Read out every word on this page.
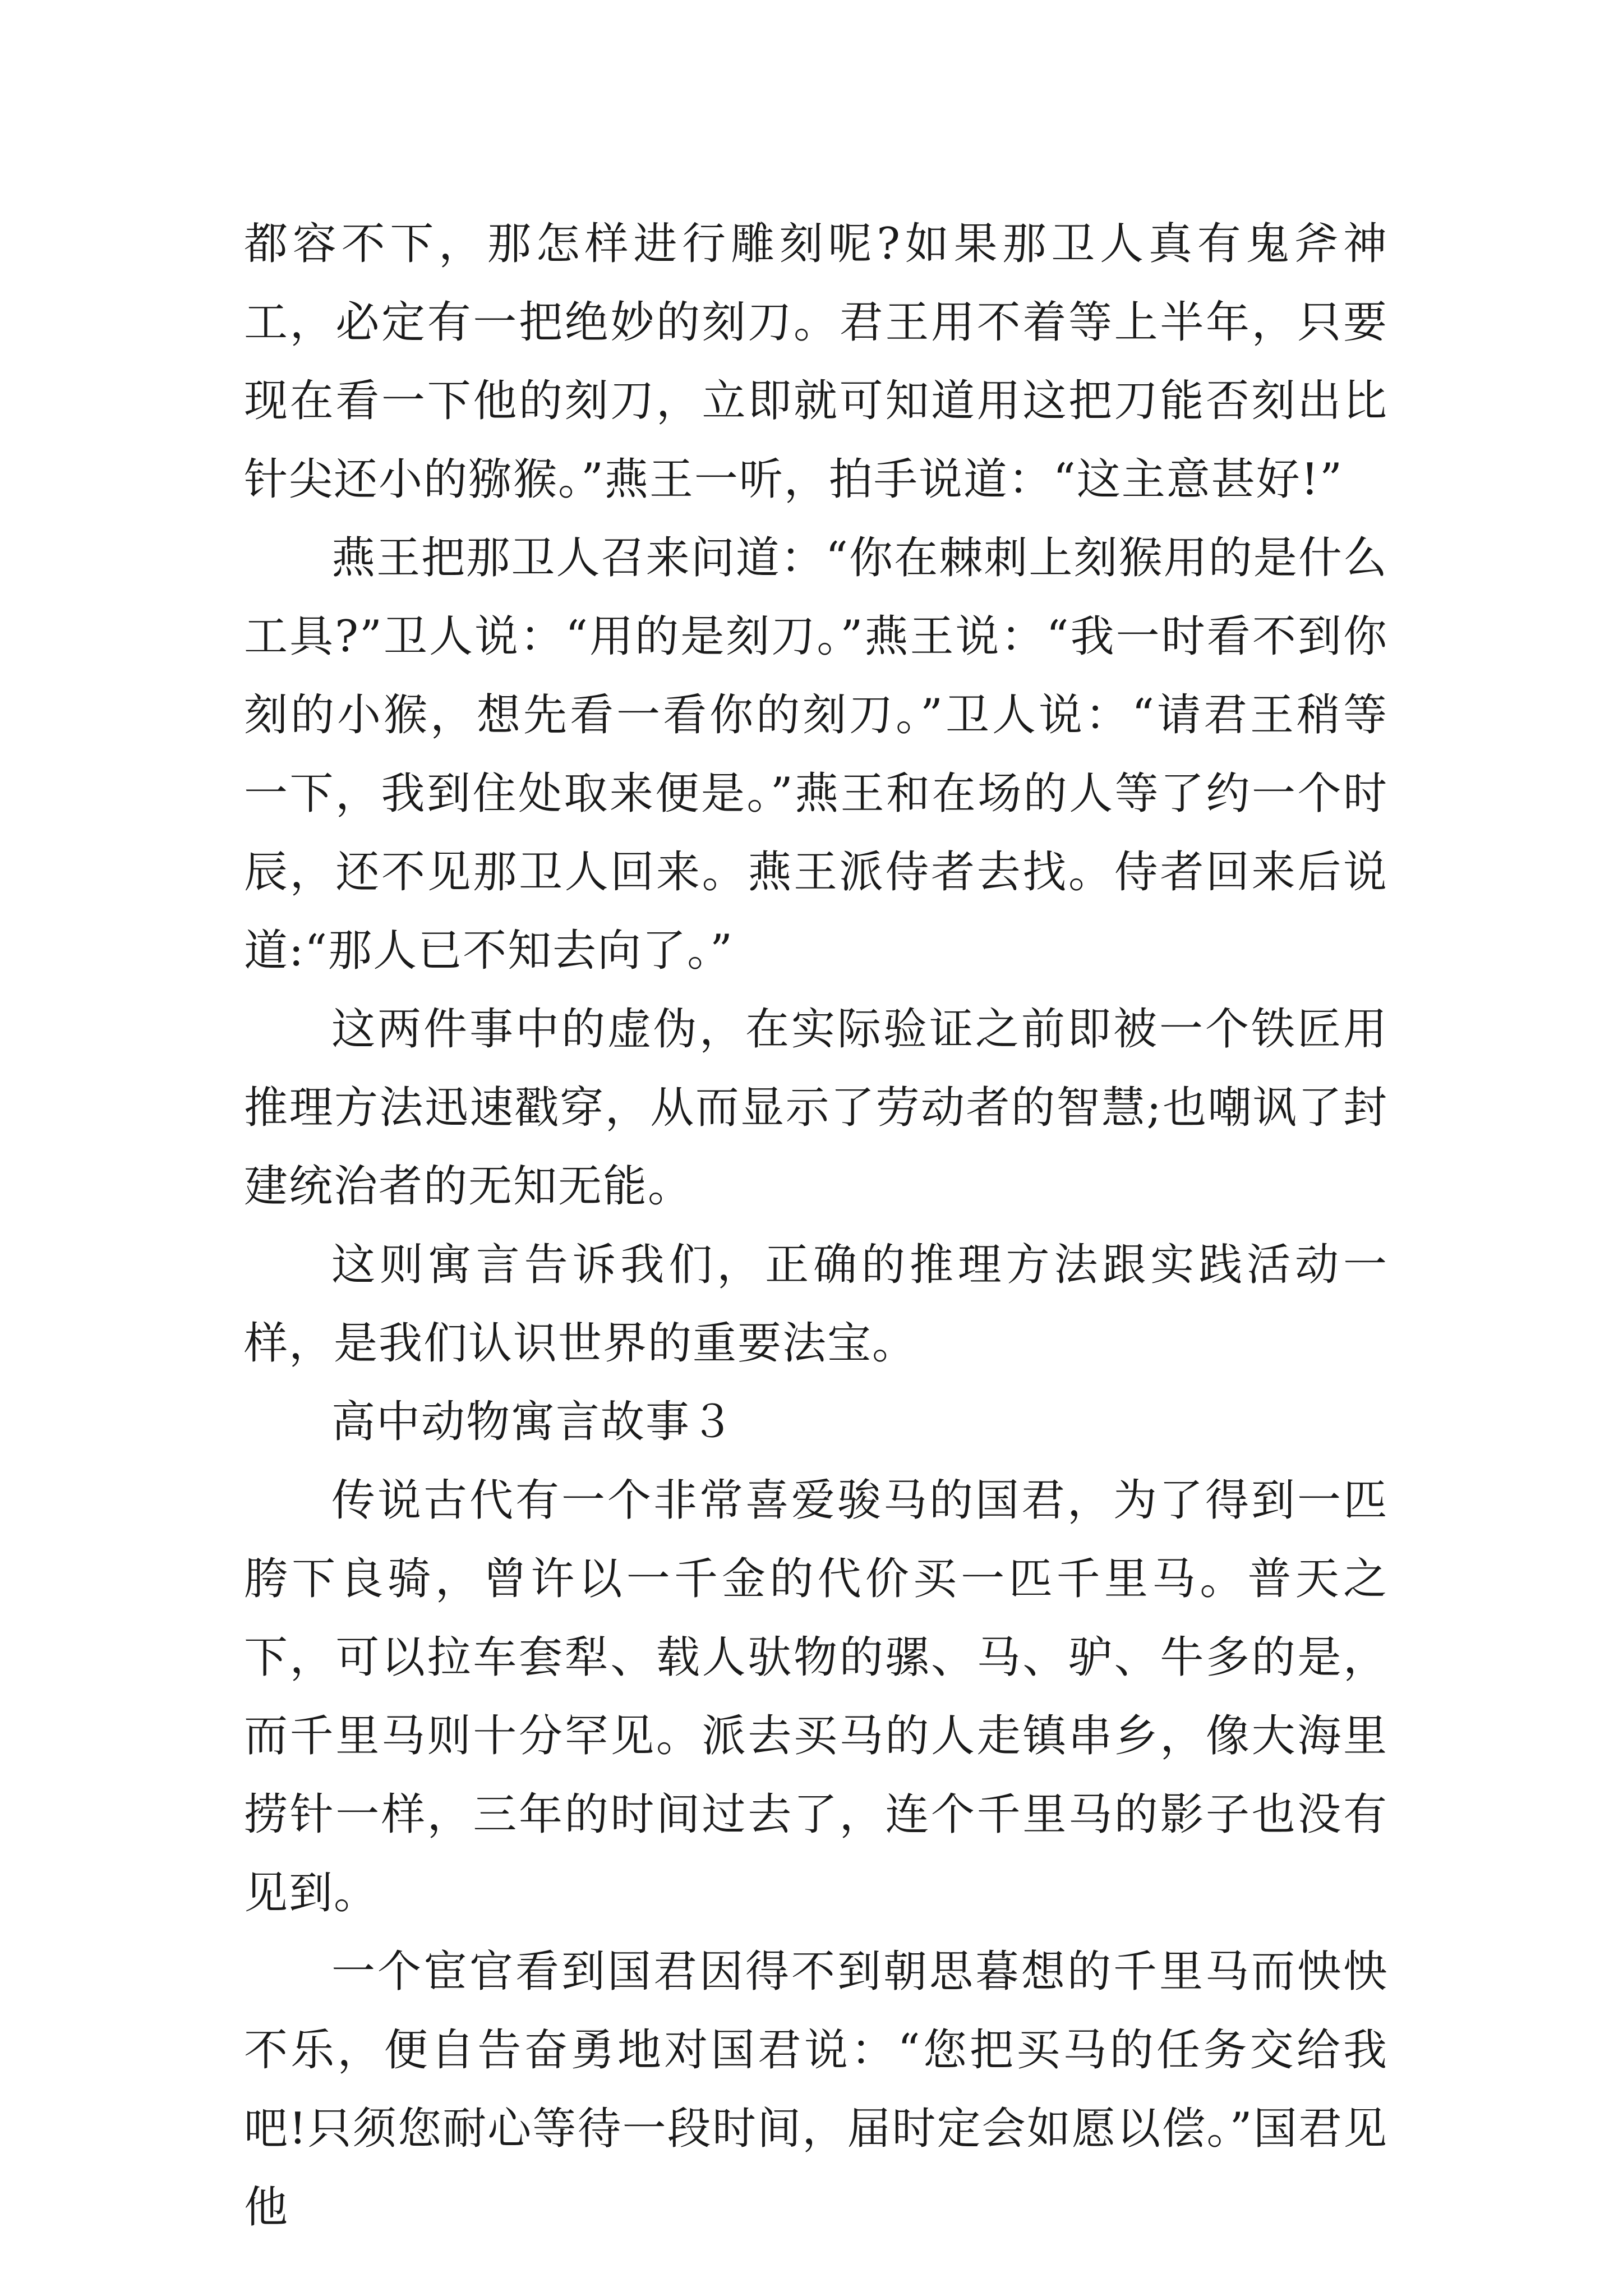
都容不下，那怎样进行雕刻呢?如果那卫人真有鬼斧神工，必定有一把绝妙的刻刀。君王用不着等上半年，只要现在看一下他的刻刀，立即就可知道用这把刀能否刻出比针尖还小的猕猴。”燕王一听，拍手说道：“这主意甚好!”

燕王把那卫人召来问道：“你在棘刺上刻猴用的是什么工具?”卫人说：“用的是刻刀。”燕王说：“我一时看不到你刻的小猴，想先看一看你的刻刀。”卫人说：“请君王稍等一下，我到住处取来便是。”燕王和在场的人等了约一个时辰，还不见那卫人回来。燕王派侍者去找。侍者回来后说道:“那人已不知去向了。”

这两件事中的虚伪，在实际验证之前即被一个铁匠用推理方法迅速戳穿，从而显示了劳动者的智慧;也嘲讽了封建统治者的无知无能。

这则寓言告诉我们，正确的推理方法跟实践活动一样，是我们认识世界的重要法宝。

高中动物寓言故事３

传说古代有一个非常喜爱骏马的国君，为了得到一匹胯下良骑，曾许以一千金的代价买一匹千里马。普天之下，可以拉车套犁、载人驮物的骡、马、驴、牛多的是，而千里马则十分罕见。派去买马的人走镇串乡，像大海里捞针一样，三年的时间过去了，连个千里马的影子也没有见到。

一个宦官看到国君因得不到朝思暮想的千里马而怏怏不乐，便自告奋勇地对国君说：“您把买马的任务交给我吧!只须您耐心等待一段时间，届时定会如愿以偿。”国君见他
